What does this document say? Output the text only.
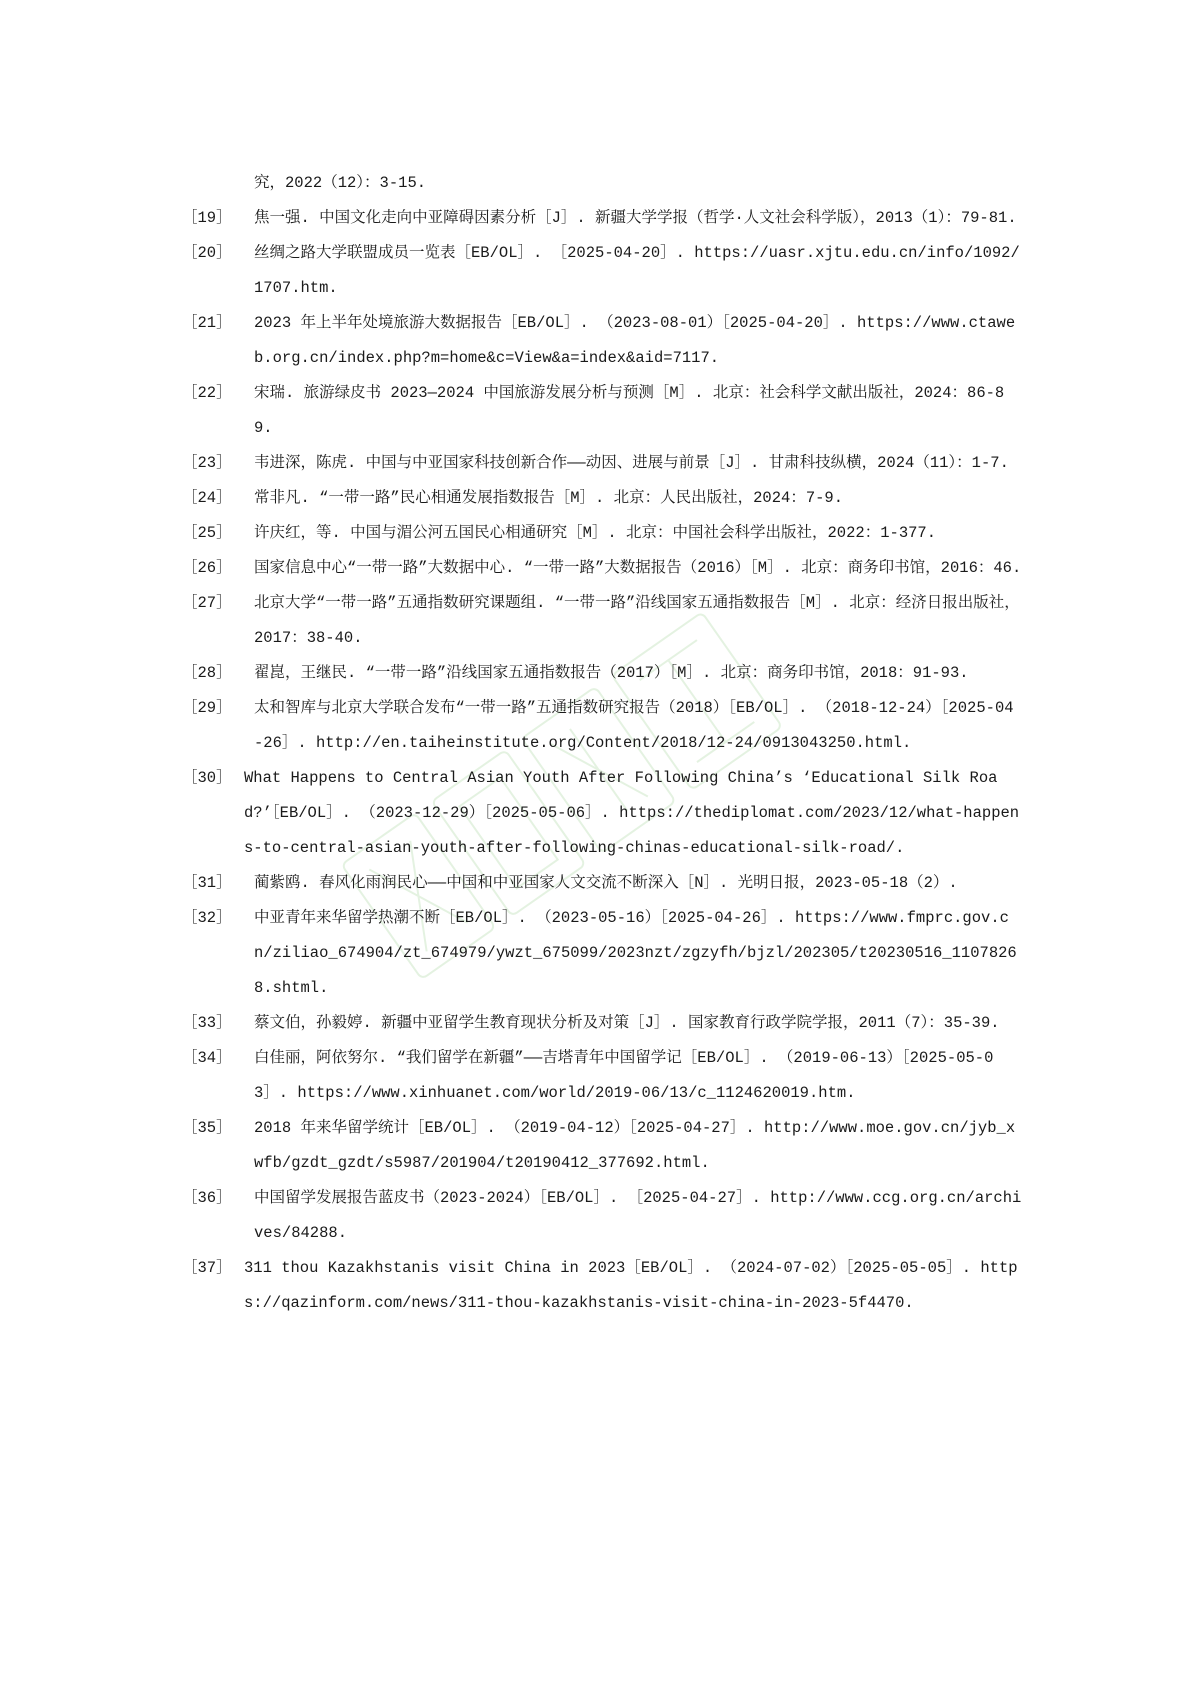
究，2022（12）：3-15.
［19］	焦一强. 中国文化走向中亚障碍因素分析［J］. 新疆大学学报（哲学·人文社会科学版），2013（1）：79-81.
［20］	丝绸之路大学联盟成员一览表［EB/OL］. ［2025-04-20］. https://uasr.xjtu.edu.cn/info/1092/1707.htm.
［21］	2023 年上半年处境旅游大数据报告［EB/OL］. （2023-08-01）［2025-04-20］. https://www.ctaweb.org.cn/index.php?m=home&c=View&a=index&aid=7117.
［22］	宋瑞. 旅游绿皮书 2023—2024 中国旅游发展分析与预测［M］. 北京：社会科学文献出版社，2024：86-89.
［23］	韦进深，陈虎. 中国与中亚国家科技创新合作——动因、进展与前景［J］. 甘肃科技纵横，2024（11）：1-7.
［24］	常非凡. “一带一路”民心相通发展指数报告［M］. 北京：人民出版社，2024：7-9.
［25］	许庆红，等. 中国与湄公河五国民心相通研究［M］. 北京：中国社会科学出版社，2022：1-377.
［26］	国家信息中心“一带一路”大数据中心. “一带一路”大数据报告（2016）［M］. 北京：商务印书馆，2016：46.
［27］	北京大学“一带一路”五通指数研究课题组. “一带一路”沿线国家五通指数报告［M］. 北京：经济日报出版社，2017：38-40.
［28］	翟崑，王继民. “一带一路”沿线国家五通指数报告（2017）［M］. 北京：商务印书馆，2018：91-93.
［29］	太和智库与北京大学联合发布“一带一路”五通指数研究报告（2018）［EB/OL］. （2018-12-24）［2025-04-26］. http://en.taiheinstitute.org/Content/2018/12-24/0913043250.html.
［30］ What Happens to Central Asian Youth After Following China’s ‘Educational Silk Road?’［EB/OL］. （2023-12-29）［2025-05-06］. https://thediplomat.com/2023/12/what-happens-to-central-asian-youth-after-following-chinas-educational-silk-road/.
［31］	蔺紫鸥. 春风化雨润民心——中国和中亚国家人文交流不断深入［N］. 光明日报，2023-05-18（2）.
［32］	中亚青年来华留学热潮不断［EB/OL］. （2023-05-16）［2025-04-26］. https://www.fmprc.gov.cn/ziliao_674904/zt_674979/ywzt_675099/2023nzt/zgzyfh/bjzl/202305/t20230516_11078268.shtml.
［33］	蔡文伯，孙毅婷. 新疆中亚留学生教育现状分析及对策［J］. 国家教育行政学院学报，2011（7）：35-39.
［34］	白佳丽，阿依努尔. “我们留学在新疆”——吉塔青年中国留学记［EB/OL］. （2019-06-13）［2025-05-03］. https://www.xinhuanet.com/world/2019-06/13/c_1124620019.htm.
［35］	2018 年来华留学统计［EB/OL］. （2019-04-12）［2025-04-27］. http://www.moe.gov.cn/jyb_xwfb/gzdt_gzdt/s5987/201904/t20190412_377692.html.
［36］	中国留学发展报告蓝皮书（2023-2024）［EB/OL］. ［2025-04-27］. http://www.ccg.org.cn/archives/84288.
［37］ 311 thou Kazakhstanis visit China in 2023［EB/OL］. （2024-07-02）［2025-05-05］. https://qazinform.com/news/311-thou-kazakhstanis-visit-china-in-2023-5f4470.
